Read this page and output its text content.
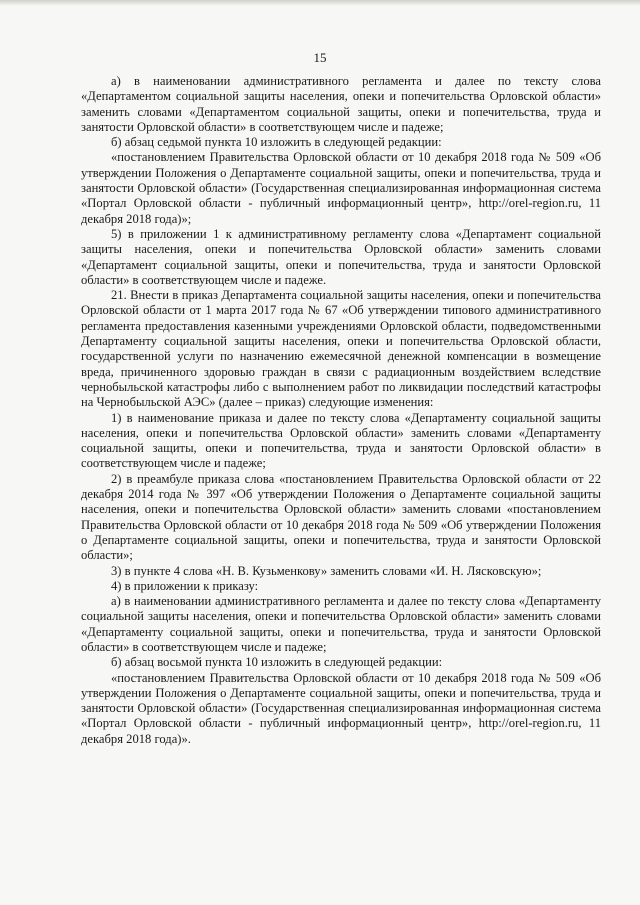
15

а) в наименовании административного регламента и далее по тексту слова «Департаментом социальной защиты населения, опеки и попечительства Орловской области» заменить словами «Департаментом социальной защиты, опеки и попечительства, труда и занятости Орловской области» в соответствующем числе и падеже;

б) абзац седьмой пункта 10 изложить в следующей редакции:

«постановлением Правительства Орловской области от 10 декабря 2018 года № 509 «Об утверждении Положения о Департаменте социальной защиты, опеки и попечительства, труда и занятости Орловской области» (Государственная специализированная информационная система «Портал Орловской области - публичный информационный центр», http://orel-region.ru, 11 декабря 2018 года)»;

5) в приложении 1 к административному регламенту слова «Департамент социальной защиты населения, опеки и попечительства Орловской области» заменить словами «Департамент социальной защиты, опеки и попечительства, труда и занятости Орловской области» в соответствующем числе и падеже.

21. Внести в приказ Департамента социальной защиты населения, опеки и попечительства Орловской области от 1 марта 2017 года № 67 «Об утверждении типового административного регламента предоставления казенными учреждениями Орловской области, подведомственными Департаменту социальной защиты населения, опеки и попечительства Орловской области, государственной услуги по назначению ежемесячной денежной компенсации в возмещение вреда, причиненного здоровью граждан в связи с радиационным воздействием вследствие чернобыльской катастрофы либо с выполнением работ по ликвидации последствий катастрофы на Чернобыльской АЭС» (далее – приказ) следующие изменения:

1) в наименование приказа и далее по тексту слова «Департаменту социальной защиты населения, опеки и попечительства Орловской области» заменить словами «Департаменту социальной защиты, опеки и попечительства, труда и занятости Орловской области» в соответствующем числе и падеже;

2) в преамбуле приказа слова «постановлением Правительства Орловской области от 22 декабря 2014 года № 397 «Об утверждении Положения о Департаменте социальной защиты населения, опеки и попечительства Орловской области» заменить словами «постановлением Правительства Орловской области от 10 декабря 2018 года № 509 «Об утверждении Положения о Департаменте социальной защиты, опеки и попечительства, труда и занятости Орловской области»;

3) в пункте 4 слова «Н. В. Кузьменкову» заменить словами «И. Н. Лясковскую»;

4) в приложении к приказу:

а) в наименовании административного регламента и далее по тексту слова «Департаменту социальной защиты населения, опеки и попечительства Орловской области» заменить словами «Департаменту социальной защиты, опеки и попечительства, труда и занятости Орловской области» в соответствующем числе и падеже;

б) абзац восьмой пункта 10 изложить в следующей редакции:

«постановлением Правительства Орловской области от 10 декабря 2018 года № 509 «Об утверждении Положения о Департаменте социальной защиты, опеки и попечительства, труда и занятости Орловской области» (Государственная специализированная информационная система «Портал Орловской области - публичный информационный центр», http://orel-region.ru, 11 декабря 2018 года)».
